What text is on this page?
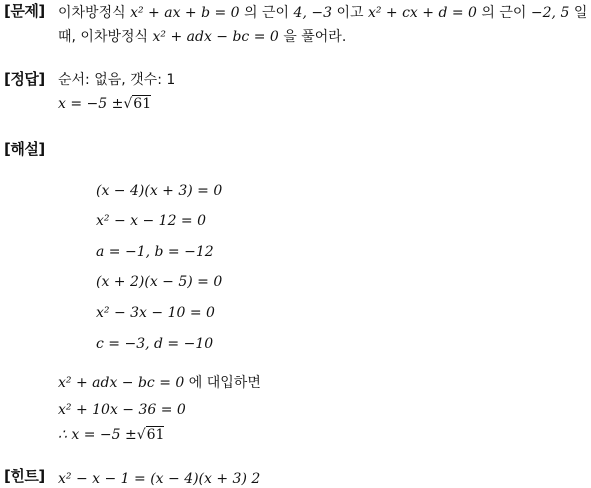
[문제] 이차방정식 x² + ax + b = 0 의 근이 4, −3 이고 x² + cx + d = 0 의 근이 −2, 5 일
때, 이차방정식 x² + adx − bc = 0 을 풀어라.
[정답] 순서: 없음, 갯수: 1
x = −5 ±√61
[해설]
(x − 4)(x + 3) = 0
x² − x − 12 = 0
a = −1, b = −12
(x + 2)(x − 5) = 0
x² − 3x − 10 = 0
c = −3, d = −10
x² + adx − bc = 0 에 대입하면
x² + 10x − 36 = 0
∴ x = −5 ±√61
[힌트] x² − x − 1 = (x − 4)(x + 3) 2
